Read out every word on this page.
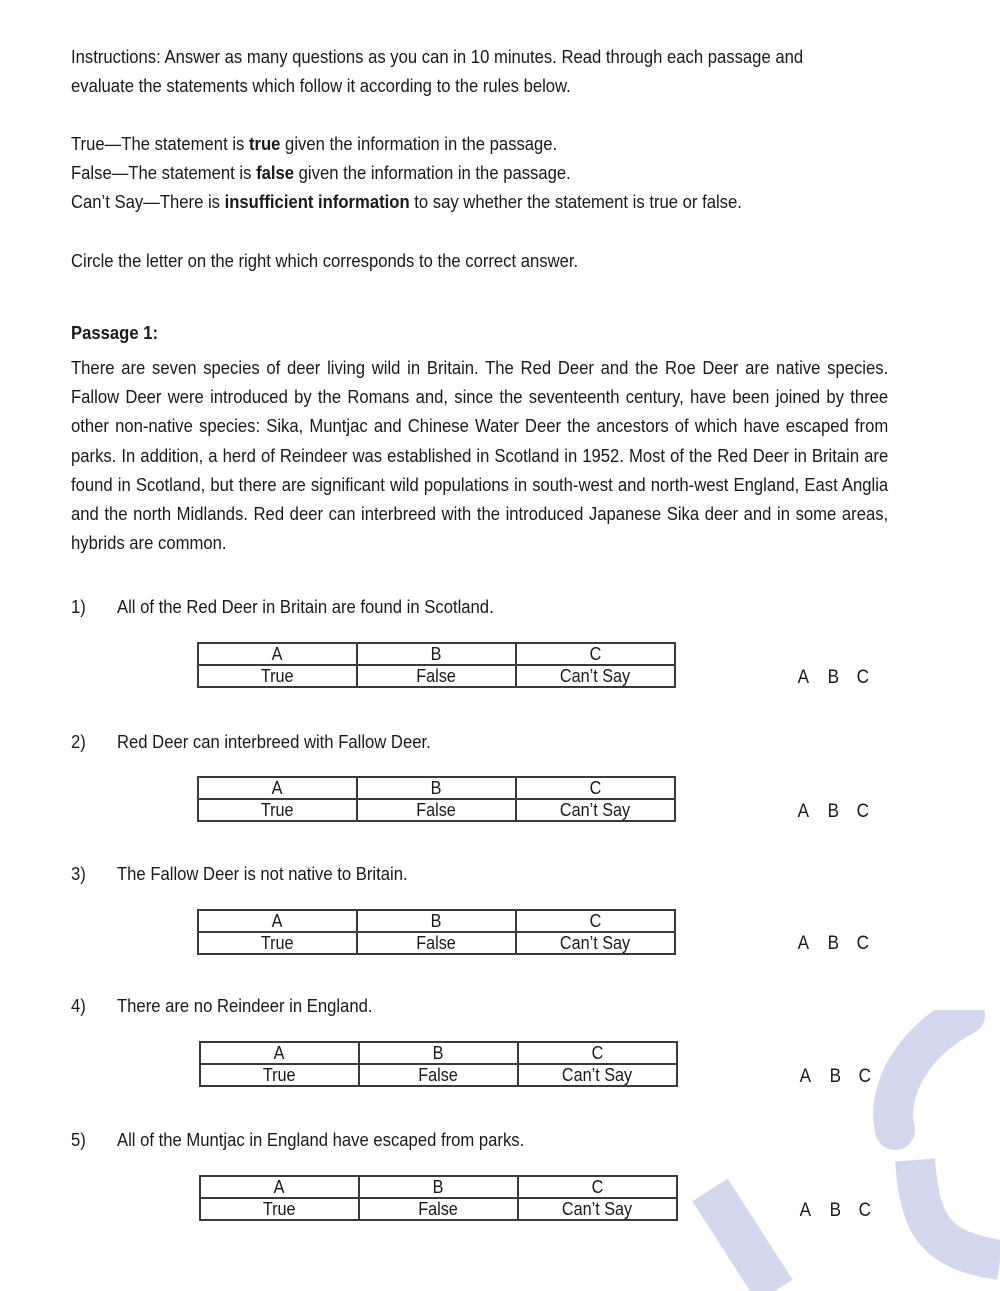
Instructions: Answer as many questions as you can in 10 minutes. Read through each passage and
evaluate the statements which follow it according to the rules below.
True—The statement is true given the information in the passage.
False—The statement is false given the information in the passage.
Can’t Say—There is insufficient information to say whether the statement is true or false.
Circle the letter on the right which corresponds to the correct answer.
Passage 1:
There are seven species of deer living wild in Britain. The Red Deer and the Roe Deer are native species. Fallow Deer were introduced by the Romans and, since the seventeenth century, have been joined by three other non-native species: Sika, Muntjac and Chinese Water Deer the ancestors of which have escaped from parks. In addition, a herd of Reindeer was established in Scotland in 1952. Most of the Red Deer in Britain are found in Scotland, but there are significant wild populations in south-west and north-west England, East Anglia and the north Midlands. Red deer can interbreed with the introduced Japanese Sika deer and in some areas, hybrids are common.
1) All of the Red Deer in Britain are found in Scotland.
A	B	C
True	False	Can’t Say	A B C
2) Red Deer can interbreed with Fallow Deer.
A	B	C
True	False	Can’t Say	A B C
3) The Fallow Deer is not native to Britain.
A	B	C
True	False	Can’t Say	A B C
4) There are no Reindeer in England.
A	B	C
True	False	Can’t Say	A B C
5) All of the Muntjac in England have escaped from parks.
A	B	C
True	False	Can’t Say	A B C
